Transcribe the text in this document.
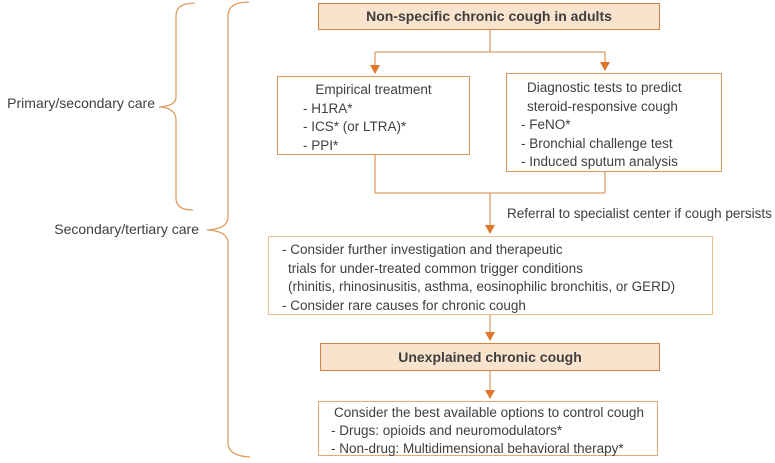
Primary/secondary care
Secondary/tertiary care
Non-specific chronic cough in adults
Empirical treatment
- H1RA*
- ICS* (or LTRA)*
- PPI*
Diagnostic tests to predict
steroid-responsive cough
- FeNO*
- Bronchial challenge test
- Induced sputum analysis
Referral to specialist center if cough persists
- Consider further investigation and therapeutic
trials for under-treated common trigger conditions
(rhinitis, rhinosinusitis, asthma, eosinophilic bronchitis, or GERD)
- Consider rare causes for chronic cough
Unexplained chronic cough
Consider the best available options to control cough
- Drugs: opioids and neuromodulators*
- Non-drug: Multidimensional behavioral therapy*
